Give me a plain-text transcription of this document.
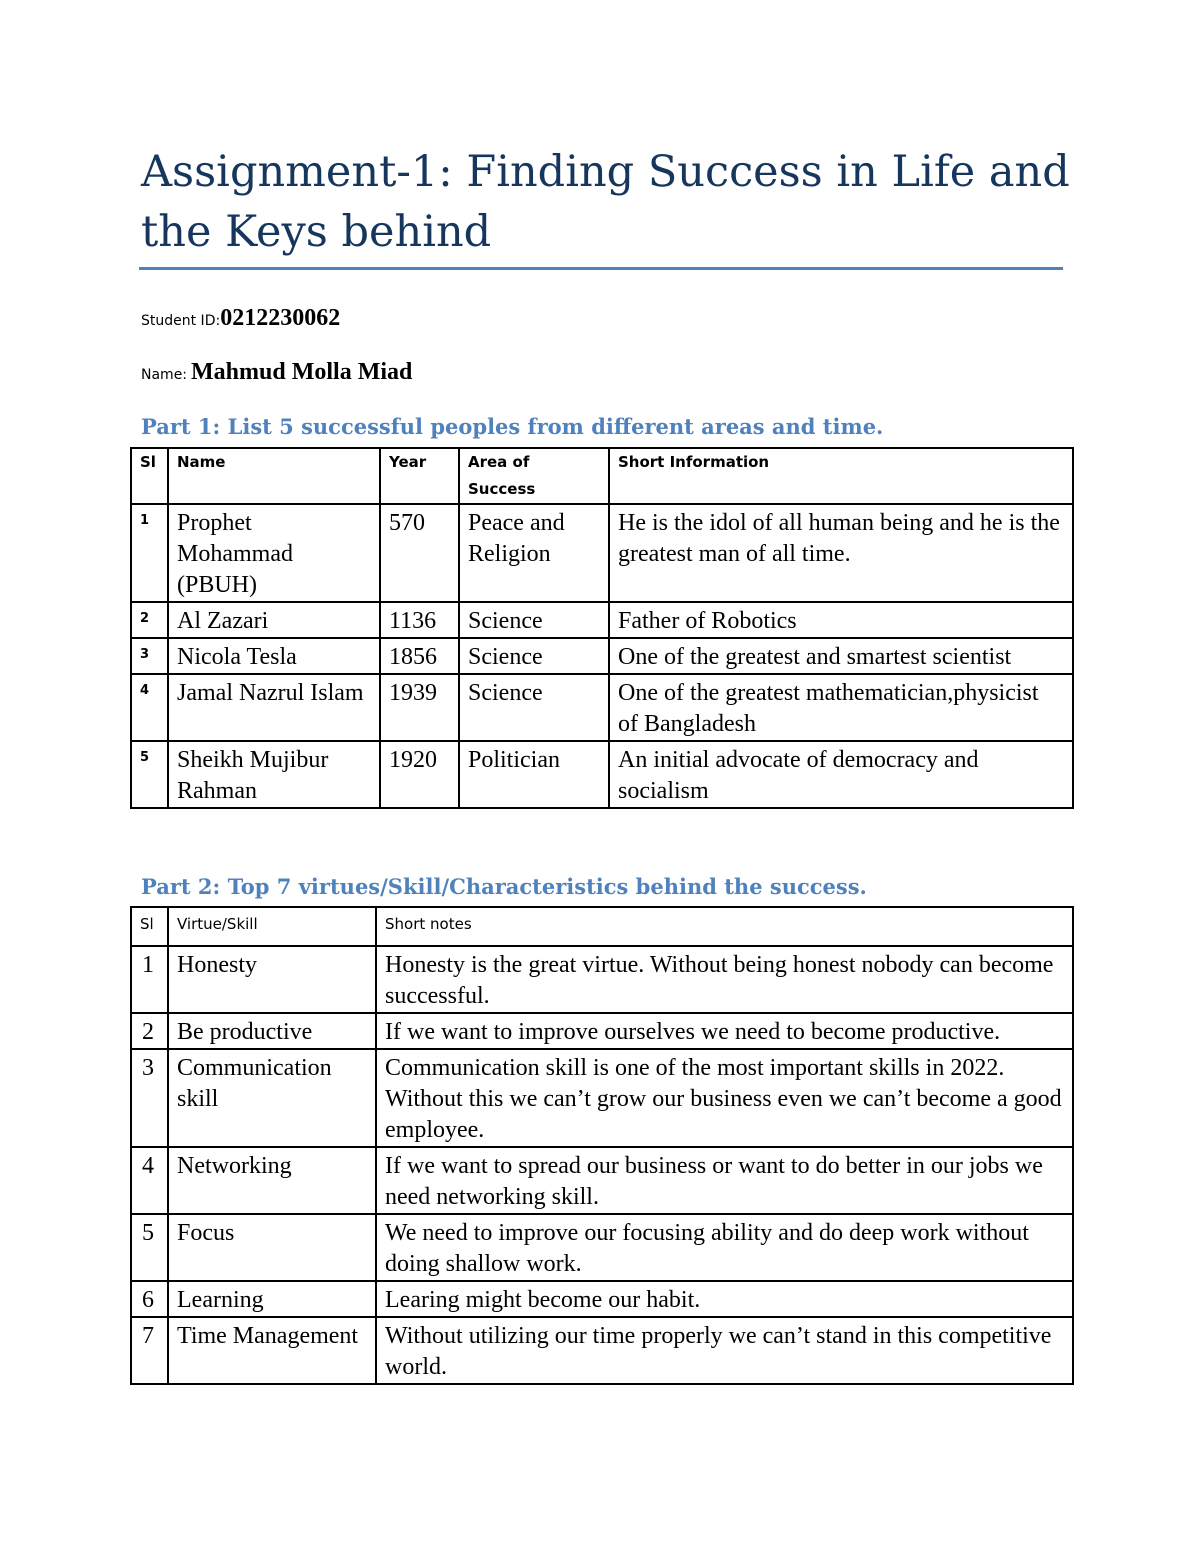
Assignment-1: Finding Success in Life and the Keys behind
Student ID:0212230062
Name: Mahmud Molla Miad
Part 1: List 5 successful peoples from different areas and time.
Sl	Name	Year	Area of Success	Short Information
1	Prophet Mohammad (PBUH)	570	Peace and Religion	He is the idol of all human being and he is the greatest man of all time.
2	Al Zazari	1136	Science	Father of Robotics
3	Nicola Tesla	1856	Science	One of the greatest and smartest scientist
4	Jamal Nazrul Islam	1939	Science	One of the greatest mathematician,physicist of Bangladesh
5	Sheikh Mujibur Rahman	1920	Politician	An initial advocate of democracy and socialism
Part 2: Top 7 virtues/Skill/Characteristics behind the success.
Sl	Virtue/Skill	Short notes
1	Honesty	Honesty is the great virtue. Without being honest nobody can become successful.
2	Be productive	If we want to improve ourselves we need to become productive.
3	Communication skill	Communication skill is one of the most important skills in 2022. Without this we can’t grow our business even we can’t become a good employee.
4	Networking	If we want to spread our business or want to do better in our jobs we need networking skill.
5	Focus	We need to improve our focusing ability and do deep work without doing shallow work.
6	Learning	Learing might become our habit.
7	Time Management	Without utilizing our time properly we can’t stand in this competitive world.
